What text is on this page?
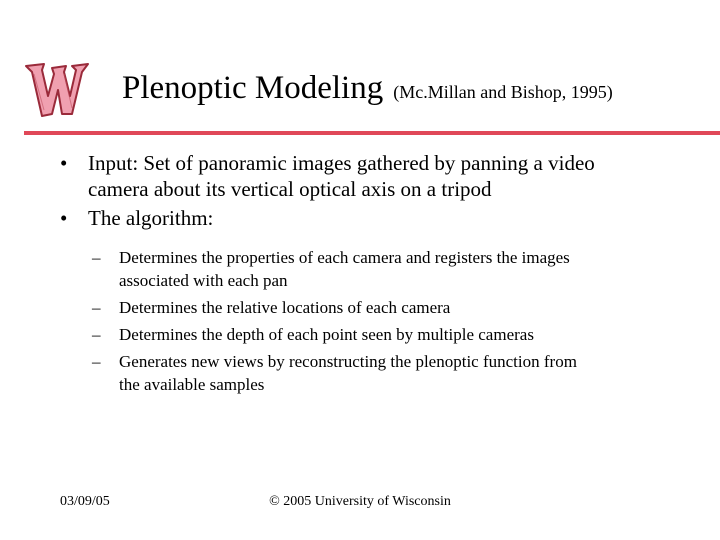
Plenoptic Modeling (Mc.Millan and Bishop, 1995)
• Input: Set of panoramic images gathered by panning a video
camera about its vertical optical axis on a tripod
• The algorithm:
– Determines the properties of each camera and registers the images
associated with each pan
– Determines the relative locations of each camera
– Determines the depth of each point seen by multiple cameras
– Generates new views by reconstructing the plenoptic function from
the available samples
© 2005 University of Wisconsin
03/09/05
